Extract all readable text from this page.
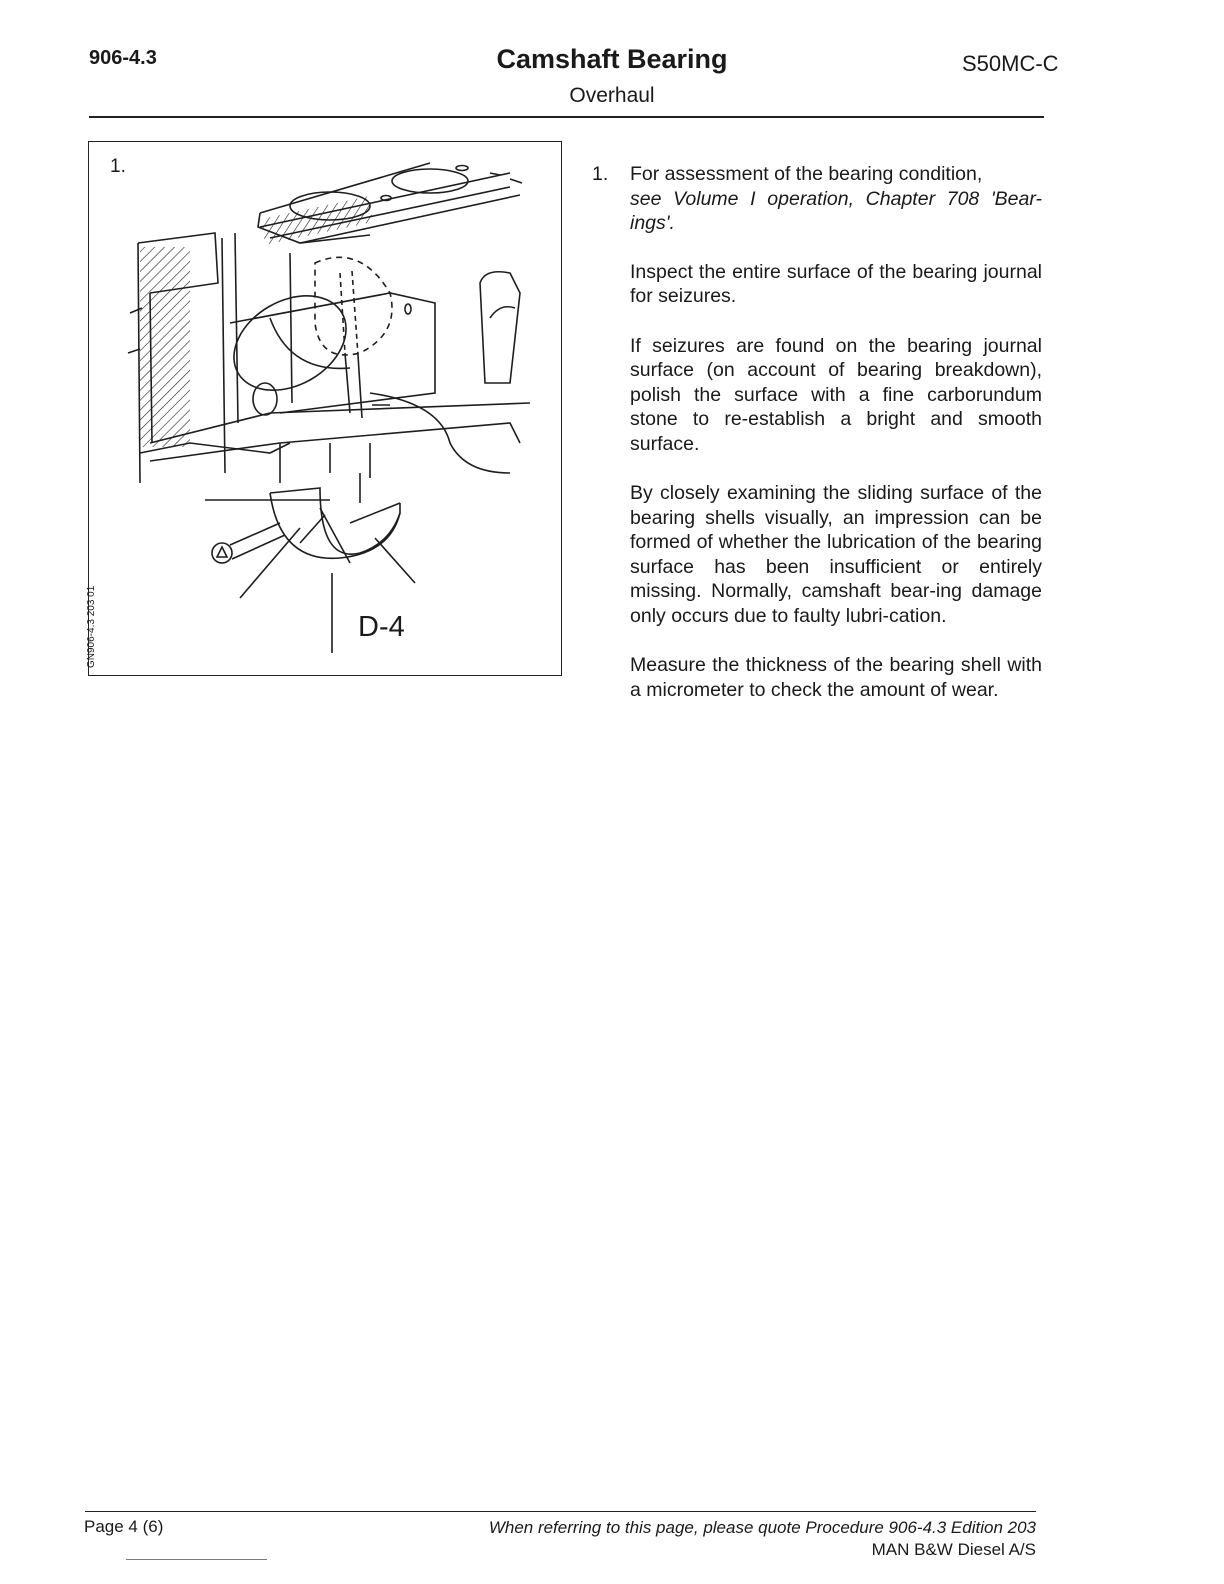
906-4.3	Camshaft Bearing
Overhaul
S50MC-C
1.
GN906-4.3 203 01	D-4
1.	For assessment of the bearing condition,
see Volume I operation, Chapter 708 'Bear-ings'.

Inspect the entire surface of the bearing journal for seizures.

If seizures are found on the bearing journal surface (on account of bearing breakdown), polish the surface with a fine carborundum stone to re-establish a bright and smooth surface.

By closely examining the sliding surface of the bearing shells visually, an impression can be formed of whether the lubrication of the bearing surface has been insufficient or entirely missing. Normally, camshaft bear-ing damage only occurs due to faulty lubri-cation.

Measure the thickness of the bearing shell with a micrometer to check the amount of wear.

Page 4 (6)	When referring to this page, please quote Procedure 906-4.3 Edition 203
MAN B&W Diesel A/S
